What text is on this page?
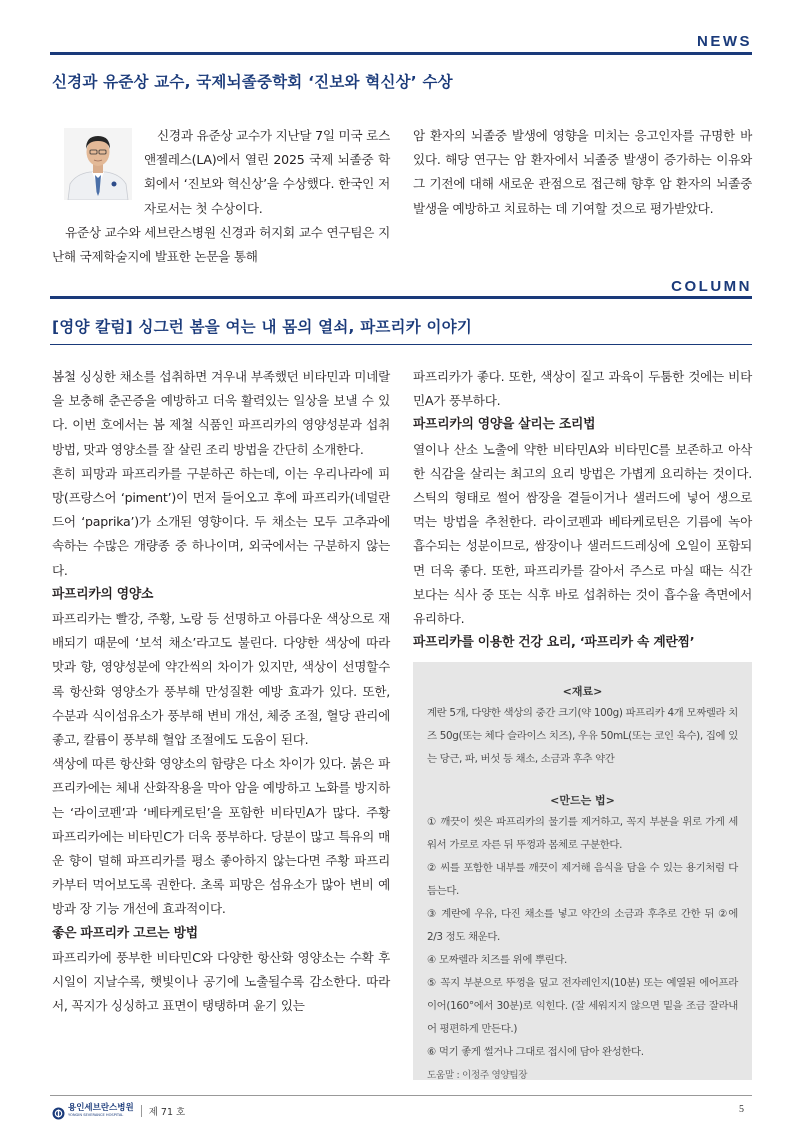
NEWS
신경과 유준상 교수, 국제뇌졸중학회 ‘진보와 혁신상’ 수상

신경과 유준상 교수가 지난달 7일 미국 로스앤젤레스(LA)에서 열린 2025 국제 뇌졸중 학회에서 ‘진보와 혁신상’을 수상했다. 한국인 저자로서는 첫 수상이다.

유준상 교수와 세브란스병원 신경과 허지회 교수 연구팀은 지난해 국제학술지에 발표한 논문을 통해

암 환자의 뇌졸중 발생에 영향을 미치는 응고인자를 규명한 바 있다. 해당 연구는 암 환자에서 뇌졸중 발생이 증가하는 이유와 그 기전에 대해 새로운 관점으로 접근해 향후 암 환자의 뇌졸중 발생을 예방하고 치료하는 데 기여할 것으로 평가받았다.

COLUMN
[영양 칼럼] 싱그런 봄을 여는 내 몸의 열쇠, 파프리카 이야기

봄철 싱싱한 채소를 섭취하면 겨우내 부족했던 비타민과 미네랄을 보충해 춘곤증을 예방하고 더욱 활력있는 일상을 보낼 수 있다. 이번 호에서는 봄 제철 식품인 파프리카의 영양성분과 섭취 방법, 맛과 영양소를 잘 살린 조리 방법을 간단히 소개한다.

흔히 피망과 파프리카를 구분하곤 하는데, 이는 우리나라에 피망(프랑스어 ‘piment’)이 먼저 들어오고 후에 파프리카(네덜란드어 ‘paprika’)가 소개된 영향이다. 두 채소는 모두 고추과에 속하는 수많은 개량종 중 하나이며, 외국에서는 구분하지 않는다.

파프리카의 영양소

파프리카는 빨강, 주황, 노랑 등 선명하고 아름다운 색상으로 재배되기 때문에 ‘보석 채소’라고도 불린다. 다양한 색상에 따라 맛과 향, 영양성분에 약간씩의 차이가 있지만, 색상이 선명할수록 항산화 영양소가 풍부해 만성질환 예방 효과가 있다. 또한, 수분과 식이섬유소가 풍부해 변비 개선, 체중 조절, 혈당 관리에 좋고, 칼륨이 풍부해 혈압 조절에도 도움이 된다.

색상에 따른 항산화 영양소의 함량은 다소 차이가 있다. 붉은 파프리카에는 체내 산화작용을 막아 암을 예방하고 노화를 방지하는 ‘라이코펜’과 ‘베타케로틴’을 포함한 비타민A가 많다. 주황 파프리카에는 비타민C가 더욱 풍부하다. 당분이 많고 특유의 매운 향이 덜해 파프리카를 평소 좋아하지 않는다면 주황 파프리카부터 먹어보도록 권한다. 초록 피망은 섬유소가 많아 변비 예방과 장 기능 개선에 효과적이다.

좋은 파프리카 고르는 방법

파프리카에 풍부한 비타민C와 다양한 항산화 영양소는 수확 후 시일이 지날수록, 햇빛이나 공기에 노출될수록 감소한다. 따라서, 꼭지가 싱싱하고 표면이 탱탱하며 윤기 있는

파프리카가 좋다. 또한, 색상이 짙고 과육이 두툼한 것에는 비타민A가 풍부하다.

파프리카의 영양을 살리는 조리법

열이나 산소 노출에 약한 비타민A와 비타민C를 보존하고 아삭한 식감을 살리는 최고의 요리 방법은 가볍게 요리하는 것이다. 스틱의 형태로 썰어 쌈장을 곁들이거나 샐러드에 넣어 생으로 먹는 방법을 추천한다. 라이코펜과 베타케로틴은 기름에 녹아 흡수되는 성분이므로, 쌈장이나 샐러드드레싱에 오일이 포함되면 더욱 좋다. 또한, 파프리카를 갈아서 주스로 마실 때는 식간보다는 식사 중 또는 식후 바로 섭취하는 것이 흡수율 측면에서 유리하다.

파프리카를 이용한 건강 요리, ‘파프리카 속 계란찜’

<재료>

계란 5개, 다양한 색상의 중간 크기(약 100g) 파프리카 4개 모짜렐라 치즈 50g(또는 체다 슬라이스 치즈), 우유 50mL(또는 코인 육수), 집에 있는 당근, 파, 버섯 등 채소, 소금과 후추 약간

<만드는 법>

① 깨끗이 씻은 파프리카의 물기를 제거하고, 꼭지 부분을 위로 가게 세워서 가로로 자른 뒤 뚜껑과 몸체로 구분한다.

② 씨를 포함한 내부를 깨끗이 제거해 음식을 담을 수 있는 용기처럼 다듬는다.

③ 계란에 우유, 다진 채소를 넣고 약간의 소금과 후추로 간한 뒤 ②에 2/3 정도 채운다.

④ 모짜렐라 치즈를 위에 뿌린다.

⑤ 꼭지 부분으로 뚜껑을 덮고 전자레인지(10분) 또는 예열된 에어프라이어(160°에서 30분)로 익힌다. (잘 세워지지 않으면 밑을 조금 잘라내어 평편하게 만든다.)

⑥ 먹기 좋게 썰거나 그대로 접시에 담아 완성한다.

도움말 : 이정주 영양팀장

용인세브란스병원
YONGIN SEVERANCE HOSPITAL	제 71 호	5
